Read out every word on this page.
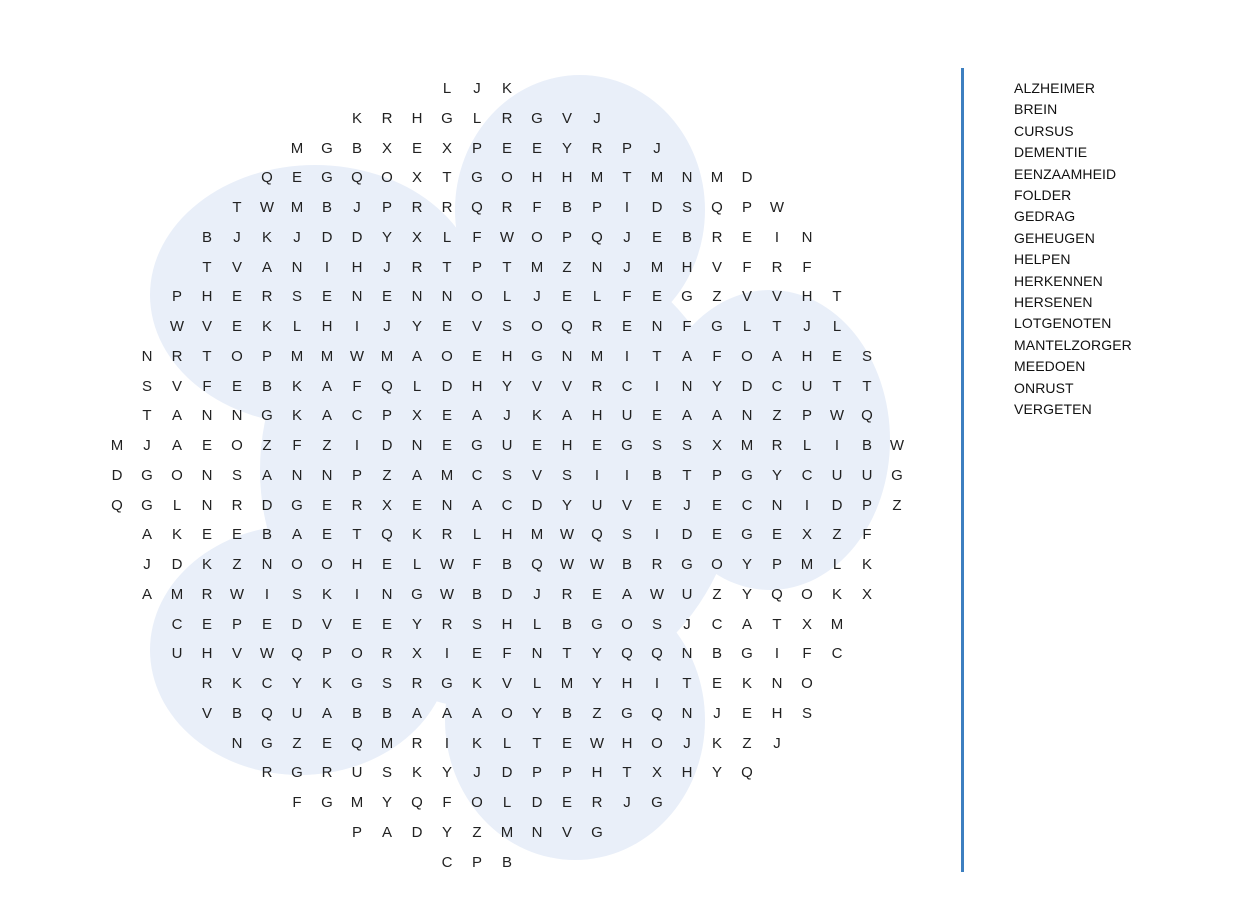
L	J	K
K	R	H	G	L	R	G	V	J
M	G	B	X	E	X	P	E	E	Y	R	P	J
Q	E	G	Q	O	X	T	G	O	H	H	M	T	M	N	M	D
T	W	M	B	J	P	R	R	Q	R	F	B	P	I	D	S	Q	P	W
B	J	K	J	D	D	Y	X	L	F	W	O	P	Q	J	E	B	R	E	I	N
T	V	A	N	I	H	J	R	T	P	T	M	Z	N	J	M	H	V	F	R	F
P	H	E	R	S	E	N	E	N	N	O	L	J	E	L	F	E	G	Z	V	V	H	T
W	V	E	K	L	H	I	J	Y	E	V	S	O	Q	R	E	N	F	G	L	T	J	L
N	R	T	O	P	M	M	W	M	A	O	E	H	G	N	M	I	T	A	F	O	A	H	E	S
S	V	F	E	B	K	A	F	Q	L	D	H	Y	V	V	R	C	I	N	Y	D	C	U	T	T
T	A	N	N	G	K	A	C	P	X	E	A	J	K	A	H	U	E	A	A	N	Z	P	W	Q
M	J	A	E	O	Z	F	Z	I	D	N	E	G	U	E	H	E	G	S	S	X	M	R	L	I	B	W
D	G	O	N	S	A	N	N	P	Z	A	M	C	S	V	S	I	I	B	T	P	G	Y	C	U	U	G
Q	G	L	N	R	D	G	E	R	X	E	N	A	C	D	Y	U	V	E	J	E	C	N	I	D	P	Z
A	K	E	E	B	A	E	T	Q	K	R	L	H	M	W	Q	S	I	D	E	G	E	X	Z	F
J	D	K	Z	N	O	O	H	E	L	W	F	B	Q	W	W	B	R	G	O	Y	P	M	L	K
A	M	R	W	I	S	K	I	N	G	W	B	D	J	R	E	A	W	U	Z	Y	Q	O	K	X
C	E	P	E	D	V	E	E	Y	R	S	H	L	B	G	O	S	J	C	A	T	X	M
U	H	V	W	Q	P	O	R	X	I	E	F	N	T	Y	Q	Q	N	B	G	I	F	C
R	K	C	Y	K	G	S	R	G	K	V	L	M	Y	H	I	T	E	K	N	O
V	B	Q	U	A	B	B	A	A	A	O	Y	B	Z	G	Q	N	J	E	H	S
N	G	Z	E	Q	M	R	I	K	L	T	E	W	H	O	J	K	Z	J
R	G	R	U	S	K	Y	J	D	P	P	H	T	X	H	Y	Q
F	G	M	Y	Q	F	O	L	D	E	R	J	G
P	A	D	Y	Z	M	N	V	G
C	P	B
ALZHEIMER
BREIN
CURSUS
DEMENTIE
EENZAAMHEID
FOLDER
GEDRAG
GEHEUGEN
HELPEN
HERKENNEN
HERSENEN
LOTGENOTEN
MANTELZORGER
MEEDOEN
ONRUST
VERGETEN
